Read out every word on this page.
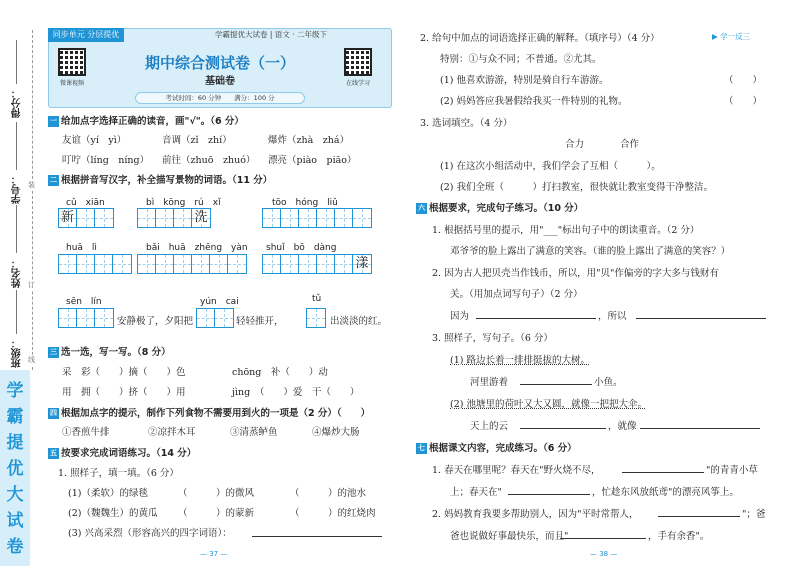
得分：
学号：
姓名：
班级：
装
订
线
学
霸
提
优
大
试
卷
同步单元 分层提优	学霸提优大试卷 | 语文 · 二年级下
微课视频	在线学习
期中综合测试卷（一）
基础卷
考试时间：60 分钟　　满分：100 分
一 给加点字选择正确的读音，画"√"。（6 分）
友谊（yí　yì）	音调（zǐ　zhí）	爆炸（zhà　zhá）
叮咛（líng　níng） 前往（zhuō　zhuó） 漂亮（piào　piāo）
二 根据拼音写汉字，补全描写景物的词语。（11 分）
cǔ　xiān	bì　kōng　rú　xǐ	tōo　hóng　liǔ
新	洗
huā　lì	bǎi　huā　zhēng　yàn shuǐ　bō　dàng
漾
sēn　lín	yún　cai	tǔ
安静极了，夕阳把	轻轻推开，	出淡淡的红。
三 选一选，写一写。（8 分）
采　彩（　　）摘（　　）色	chōng　补（　　）动
用　拥（　　）挤（　　）用	jìng　（　　）爱　干（　　）
四 根据加点字的提示，制作下列食物不需要用到火的一项是（2 分）（　　）
①香煎牛排	②凉拌木耳	③清蒸鲈鱼	④爆炒大肠
五 按要求完成词语练习。（14 分）
1. 照样子，填一填。（6 分）
(1)（柔软）的绿毯	（　　　）的微风	（　　　）的池水
(2)（魏魏生）的黄瓜 （　　　）的蒙新	（　　　）的红烧肉
(3) 兴高采烈（形容高兴的四字词语）：
— 37 —
2. 给句中加点的词语选择正确的解释。（填序号）（4 分）	▶ 学一反三
特别：①与众不同；不普通。②尤其。
(1) 他喜欢游游，特别是骑自行车游游。	（　　）
(2) 妈妈答应我暑假给我买一件特别的礼物。	（　　）
3. 选词填空。（4 分）
合力	合作
(1) 在这次小组活动中，我们学会了互相（　　　）。
(2) 我们全班（　　　）打扫教室，很快就让教室变得干净整洁。
六 根据要求，完成句子练习。（10 分）
1. 根据括号里的提示，用"___"标出句子中的朗读重音。（2 分）
邓爷爷的脸上露出了满意的笑容。（谁的脸上露出了满意的笑容？）
2. 因为古人把贝壳当作钱币，所以，用"贝"作偏旁的字大多与钱财有
关。（用加点词写句子）（2 分）
因为	，所以
3. 照样子，写句子。（6 分）
(1) 路边长着一排排挺拔的大树。
河里游着	小鱼。
(2) 池塘里的荷叶又大又圆，就像一把把大伞。
天上的云	，就像
七 根据课文内容，完成练习。（6 分）
1. 春天在哪里呢？春天在"野火烧不尽，	"的青青小草
上；春天在"	，忙趁东风放纸鸢"的漂亮风筝上。
2. 妈妈教育我要多帮助别人，因为"平时常帮人，	"；爸
爸也说做好事最快乐，而且"	，手有余香"。
— 38 —
